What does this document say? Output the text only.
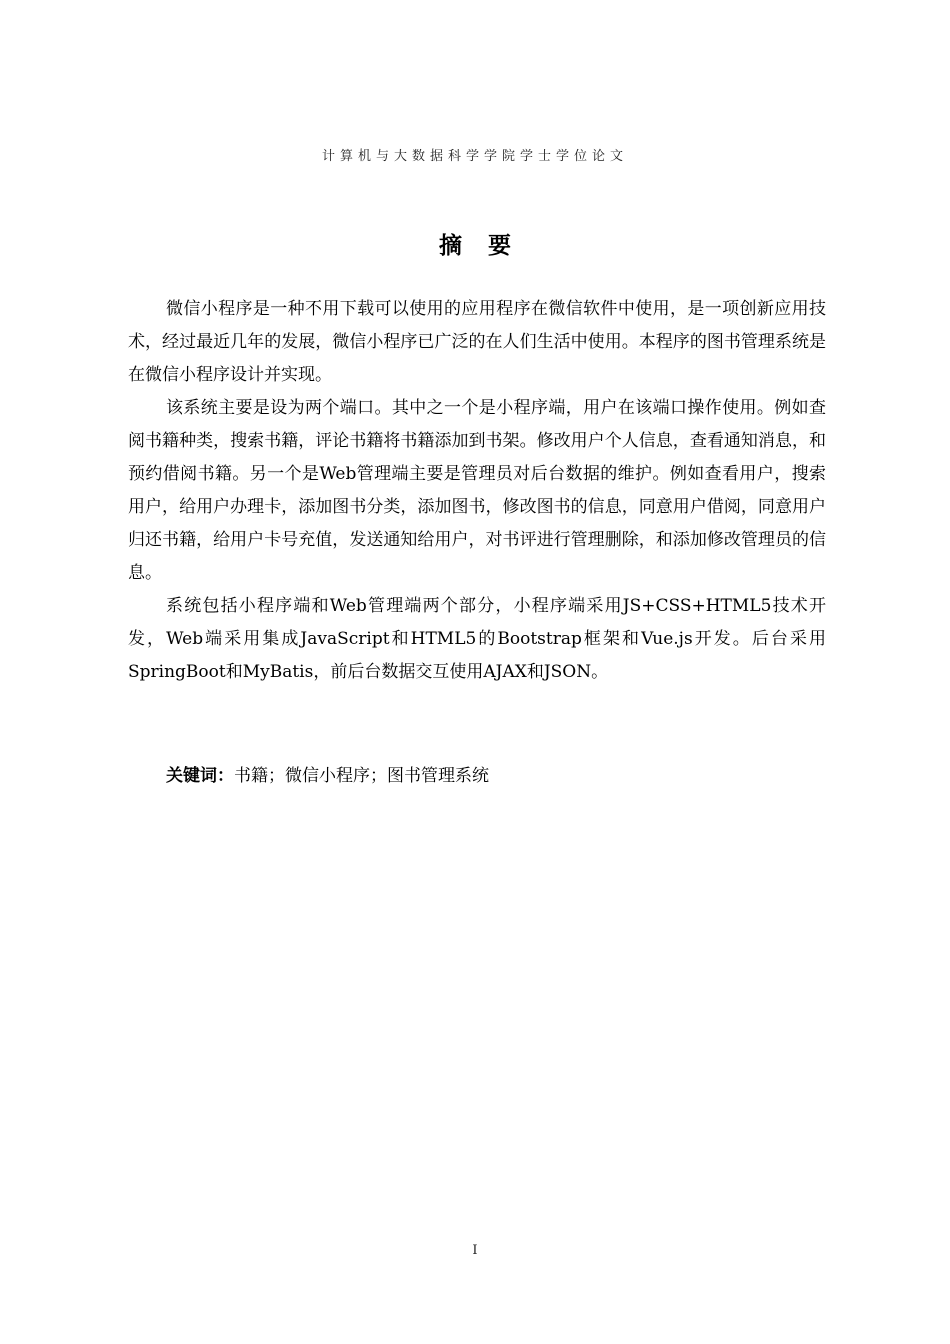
计算机与大数据科学学院学士学位论文
摘要

微信小程序是一种不用下载可以使用的应用程序在微信软件中使用，是一项创新应用技术，经过最近几年的发展，微信小程序已广泛的在人们生活中使用。本程序的图书管理系统是在微信小程序设计并实现。

该系统主要是设为两个端口。其中之一个是小程序端，用户在该端口操作使用。例如查阅书籍种类，搜索书籍，评论书籍将书籍添加到书架。修改用户个人信息，查看通知消息，和预约借阅书籍。另一个是Web管理端主要是管理员对后台数据的维护。例如查看用户，搜索用户，给用户办理卡，添加图书分类，添加图书，修改图书的信息，同意用户借阅，同意用户归还书籍，给用户卡号充值，发送通知给用户，对书评进行管理删除，和添加修改管理员的信息。

系统包括小程序端和Web管理端两个部分，小程序端采用JS+CSS+HTML5技术开发，Web端采用集成JavaScript和HTML5的Bootstrap框架和Vue.js开发。后台采用SpringBoot和MyBatis，前后台数据交互使用AJAX和JSON。

关键词：书籍；微信小程序；图书管理系统
I
